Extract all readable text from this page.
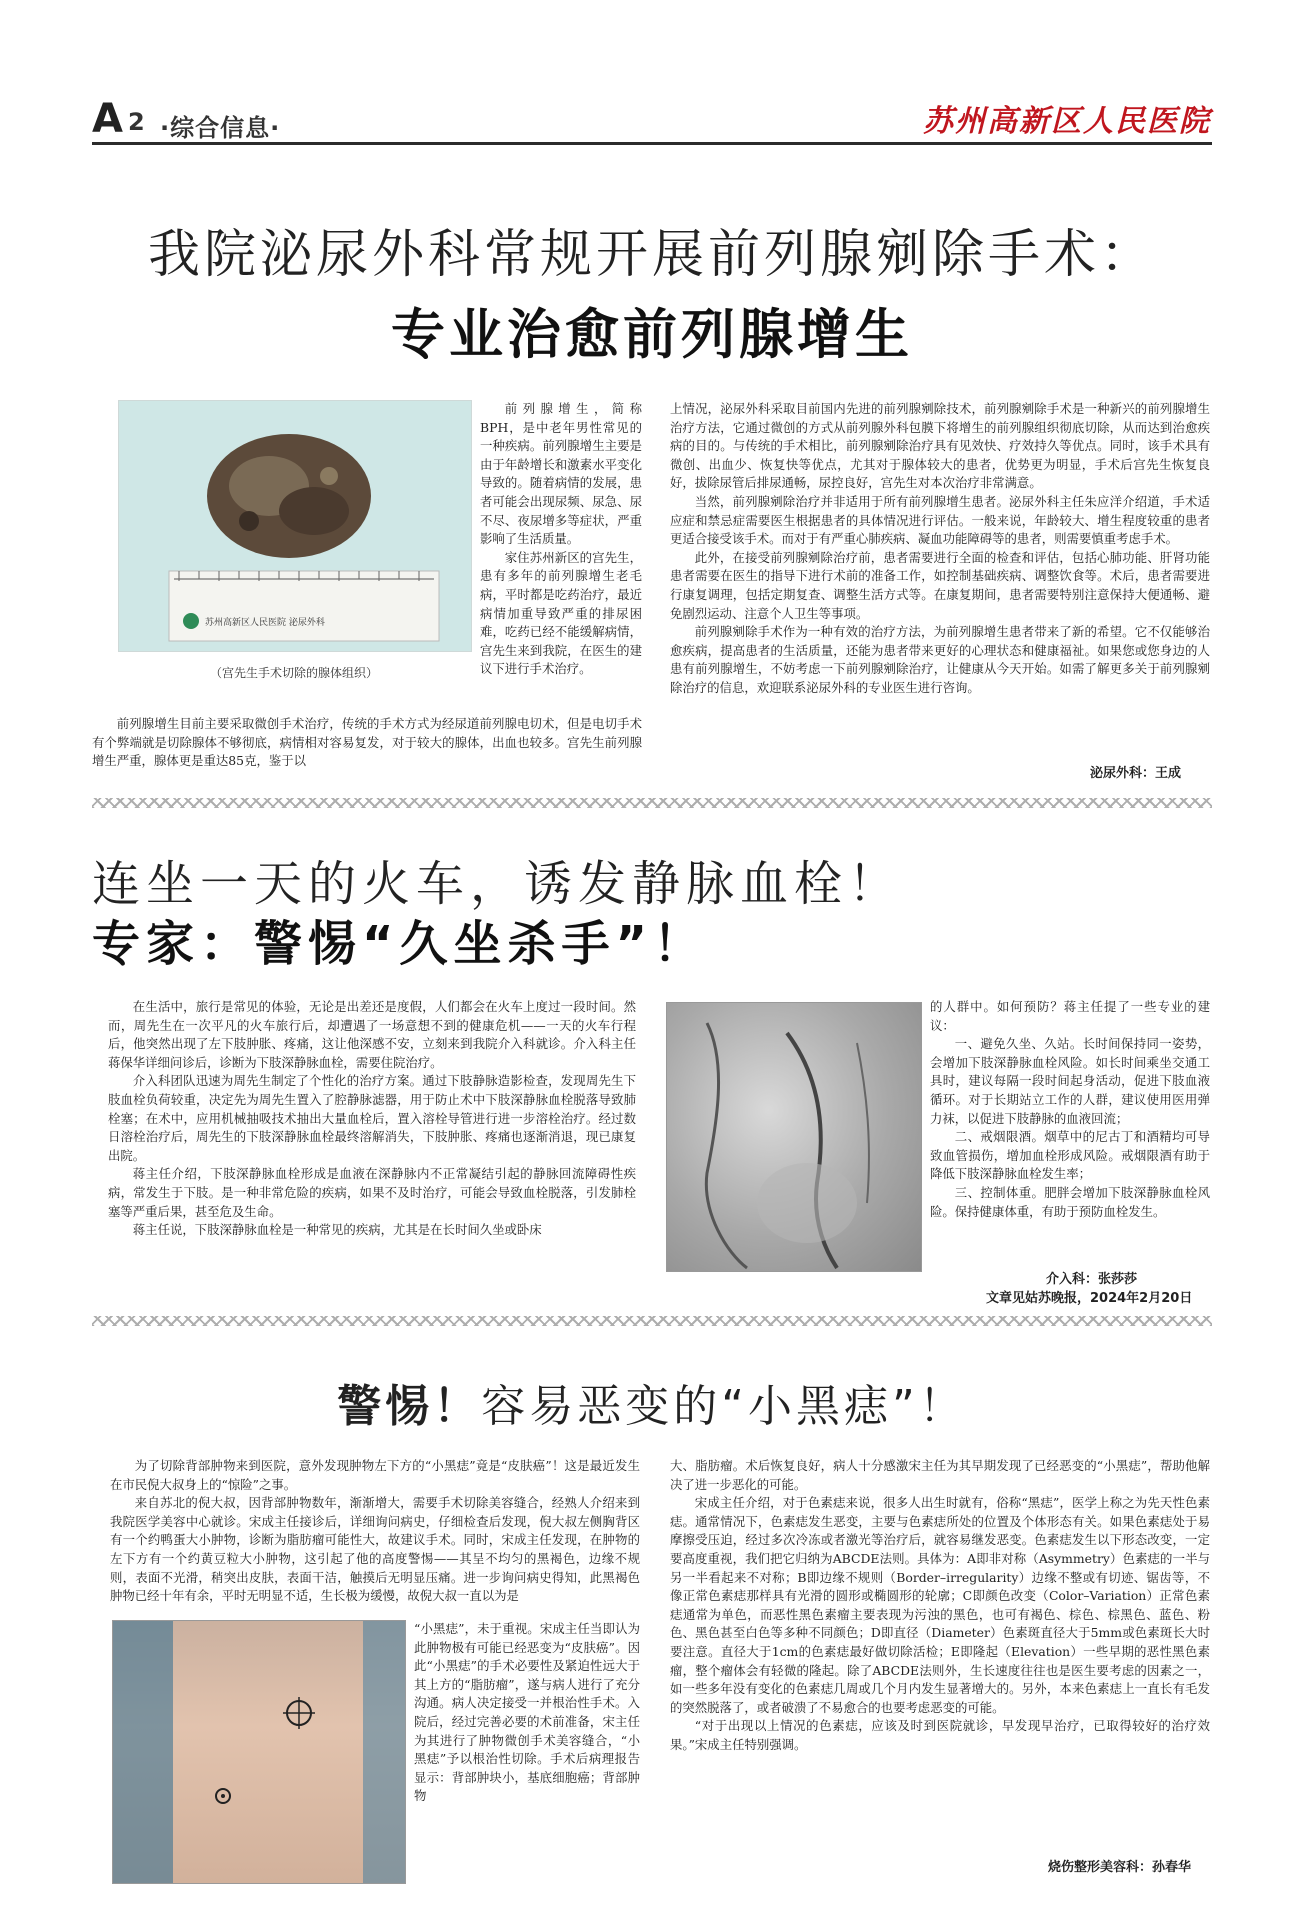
A 2 ·综合信息·	苏州高新区人民医院
我院泌尿外科常规开展前列腺剜除手术：
专业治愈前列腺增生
苏州高新区人民医院 泌尿外科
（宫先生手术切除的腺体组织）

前列腺增生，简称BPH，是中老年男性常见的一种疾病。前列腺增生主要是由于年龄增长和激素水平变化导致的。随着病情的发展，患者可能会出现尿频、尿急、尿不尽、夜尿增多等症状，严重影响了生活质量。

家住苏州新区的宫先生，患有多年的前列腺增生老毛病，平时都是吃药治疗，最近病情加重导致严重的排尿困难，吃药已经不能缓解病情，宫先生来到我院，在医生的建议下进行手术治疗。

前列腺增生目前主要采取微创手术治疗，传统的手术方式为经尿道前列腺电切术，但是电切手术有个弊端就是切除腺体不够彻底，病情相对容易复发，对于较大的腺体，出血也较多。宫先生前列腺增生严重，腺体更是重达85克，鉴于以

上情况，泌尿外科采取目前国内先进的前列腺剜除技术，前列腺剜除手术是一种新兴的前列腺增生治疗方法，它通过微创的方式从前列腺外科包膜下将增生的前列腺组织彻底切除，从而达到治愈疾病的目的。与传统的手术相比，前列腺剜除治疗具有见效快、疗效持久等优点。同时，该手术具有微创、出血少、恢复快等优点，尤其对于腺体较大的患者，优势更为明显，手术后宫先生恢复良好，拔除尿管后排尿通畅，尿控良好，宫先生对本次治疗非常满意。

当然，前列腺剜除治疗并非适用于所有前列腺增生患者。泌尿外科主任朱应洋介绍道，手术适应症和禁忌症需要医生根据患者的具体情况进行评估。一般来说，年龄较大、增生程度较重的患者更适合接受该手术。而对于有严重心肺疾病、凝血功能障碍等的患者，则需要慎重考虑手术。

此外，在接受前列腺剜除治疗前，患者需要进行全面的检查和评估，包括心肺功能、肝肾功能患者需要在医生的指导下进行术前的准备工作，如控制基础疾病、调整饮食等。术后，患者需要进行康复调理，包括定期复查、调整生活方式等。在康复期间，患者需要特别注意保持大便通畅、避免剧烈运动、注意个人卫生等事项。

前列腺剜除手术作为一种有效的治疗方法，为前列腺增生患者带来了新的希望。它不仅能够治愈疾病，提高患者的生活质量，还能为患者带来更好的心理状态和健康福祉。如果您或您身边的人患有前列腺增生，不妨考虑一下前列腺剜除治疗，让健康从今天开始。如需了解更多关于前列腺剜除治疗的信息，欢迎联系泌尿外科的专业医生进行咨询。

泌尿外科：王成
连坐一天的火车，诱发静脉血栓！
专家：警惕“久坐杀手”！

在生活中，旅行是常见的体验，无论是出差还是度假，人们都会在火车上度过一段时间。然而，周先生在一次平凡的火车旅行后，却遭遇了一场意想不到的健康危机——一天的火车行程后，他突然出现了左下肢肿胀、疼痛，这让他深感不安，立刻来到我院介入科就诊。介入科主任蒋保华详细问诊后，诊断为下肢深静脉血栓，需要住院治疗。

介入科团队迅速为周先生制定了个性化的治疗方案。通过下肢静脉造影检查，发现周先生下肢血栓负荷较重，决定先为周先生置入了腔静脉滤器，用于防止术中下肢深静脉血栓脱落导致肺栓塞；在术中，应用机械抽吸技术抽出大量血栓后，置入溶栓导管进行进一步溶栓治疗。经过数日溶栓治疗后，周先生的下肢深静脉血栓最终溶解消失，下肢肿胀、疼痛也逐渐消退，现已康复出院。

蒋主任介绍，下肢深静脉血栓形成是血液在深静脉内不正常凝结引起的静脉回流障碍性疾病，常发生于下肢。是一种非常危险的疾病，如果不及时治疗，可能会导致血栓脱落，引发肺栓塞等严重后果，甚至危及生命。

蒋主任说，下肢深静脉血栓是一种常见的疾病，尤其是在长时间久坐或卧床

的人群中。如何预防？蒋主任提了一些专业的建议：

一、避免久坐、久站。长时间保持同一姿势，会增加下肢深静脉血栓风险。如长时间乘坐交通工具时，建议每隔一段时间起身活动，促进下肢血液循环。对于长期站立工作的人群，建议使用医用弹力袜，以促进下肢静脉的血液回流；

二、戒烟限酒。烟草中的尼古丁和酒精均可导致血管损伤，增加血栓形成风险。戒烟限酒有助于降低下肢深静脉血栓发生率；

三、控制体重。肥胖会增加下肢深静脉血栓风险。保持健康体重，有助于预防血栓发生。

介入科：张莎莎
文章见姑苏晚报，2024年2月20日
警惕！容易恶变的“小黑痣”！

为了切除背部肿物来到医院，意外发现肿物左下方的“小黑痣”竟是“皮肤癌”！这是最近发生在市民倪大叔身上的“惊险”之事。

来自苏北的倪大叔，因背部肿物数年，渐渐增大，需要手术切除美容缝合，经熟人介绍来到我院医学美容中心就诊。宋成主任接诊后，详细询问病史，仔细检查后发现，倪大叔左侧胸背区有一个约鸭蛋大小肿物，诊断为脂肪瘤可能性大，故建议手术。同时，宋成主任发现，在肿物的左下方有一个约黄豆粒大小肿物，这引起了他的高度警惕——其呈不均匀的黑褐色，边缘不规则，表面不光滑，稍突出皮肤，表面干洁，触摸后无明显压痛。进一步询问病史得知，此黑褐色肿物已经十年有余，平时无明显不适，生长极为缓慢，故倪大叔一直以为是

“小黑痣”，未于重视。宋成主任当即认为此肿物极有可能已经恶变为“皮肤癌”。因此“小黑痣”的手术必要性及紧迫性远大于其上方的“脂肪瘤”，遂与病人进行了充分沟通。病人决定接受一并根治性手术。入院后，经过完善必要的术前准备，宋主任为其进行了肿物微创手术美容缝合，“小黑痣”予以根治性切除。手术后病理报告显示：背部肿块小，基底细胞癌；背部肿物

大、脂肪瘤。术后恢复良好，病人十分感激宋主任为其早期发现了已经恶变的“小黑痣”，帮助他解决了进一步恶化的可能。

宋成主任介绍，对于色素痣来说，很多人出生时就有，俗称“黑痣”，医学上称之为先天性色素痣。通常情况下，色素痣发生恶变，主要与色素痣所处的位置及个体形态有关。如果色素痣处于易摩擦受压迫，经过多次冷冻或者激光等治疗后，就容易继发恶变。色素痣发生以下形态改变，一定要高度重视，我们把它归纳为ABCDE法则。具体为：A即非对称（Asymmetry）色素痣的一半与另一半看起来不对称；B即边缘不规则（Border–irregularity）边缘不整或有切迹、锯齿等，不像正常色素痣那样具有光滑的圆形或椭圆形的轮廓；C即颜色改变（Color–Variation）正常色素痣通常为单色，而恶性黑色素瘤主要表现为污浊的黑色，也可有褐色、棕色、棕黑色、蓝色、粉色、黑色甚至白色等多种不同颜色；D即直径（Diameter）色素斑直径大于5mm或色素斑长大时要注意。直径大于1cm的色素痣最好做切除活检；E即隆起（Elevation）一些早期的恶性黑色素瘤，整个瘤体会有轻微的隆起。除了ABCDE法则外，生长速度往往也是医生要考虑的因素之一，如一些多年没有变化的色素痣几周或几个月内发生显著增大的。另外，本来色素痣上一直长有毛发的突然脱落了，或者破溃了不易愈合的也要考虑恶变的可能。

“对于出现以上情况的色素痣，应该及时到医院就诊，早发现早治疗，已取得较好的治疗效果。”宋成主任特别强调。

烧伤整形美容科：孙春华
